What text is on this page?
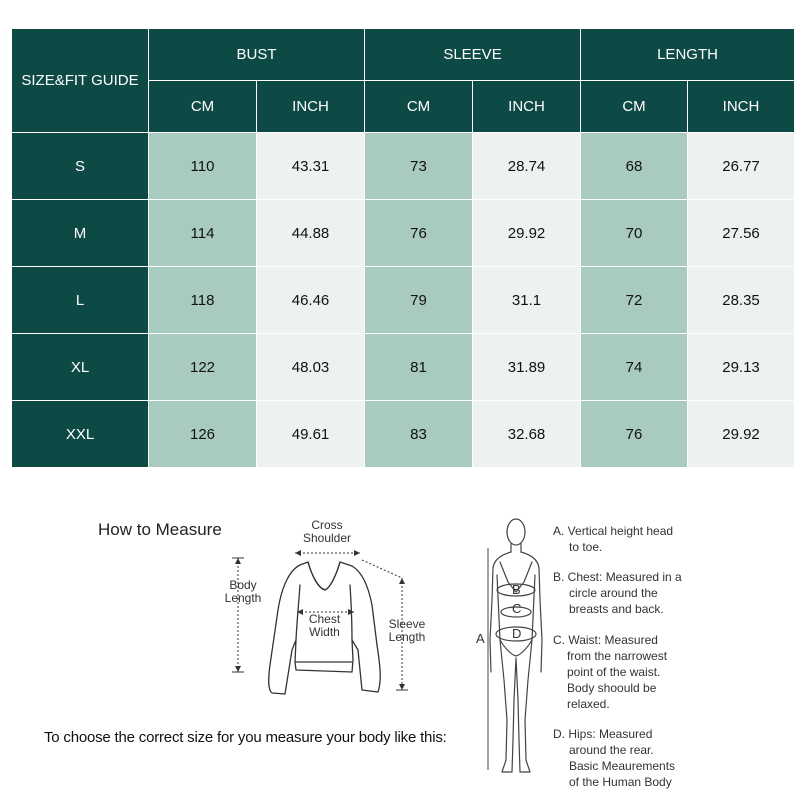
SIZE&FIT GUIDE	BUST		SLEEVE		LENGTH	
	CM	INCH	CM	INCH	CM	INCH
S	110	43.31	73	28.74	68	26.77
M	114	44.88	76	29.92	70	27.56
L	118	46.46	79	31.1	72	28.35
XL	122	48.03	81	31.89	74	29.13
XXL	126	49.61	83	32.68	76	29.92
How to Measure	Cross
Shoulder
Body
Length
Chest
Width
Sleeve
Length
To choose the correct size for you measure your body like this:
A
B
C
D
A. Vertical height head
to toe.
B. Chest: Measured in a
circle around the
breasts and back.
C. Waist: Measured
from the narrowest
point of the waist.
Body shoould be
relaxed.
D. Hips: Measured
around the rear.
Basic Meaurements
of the Human Body
